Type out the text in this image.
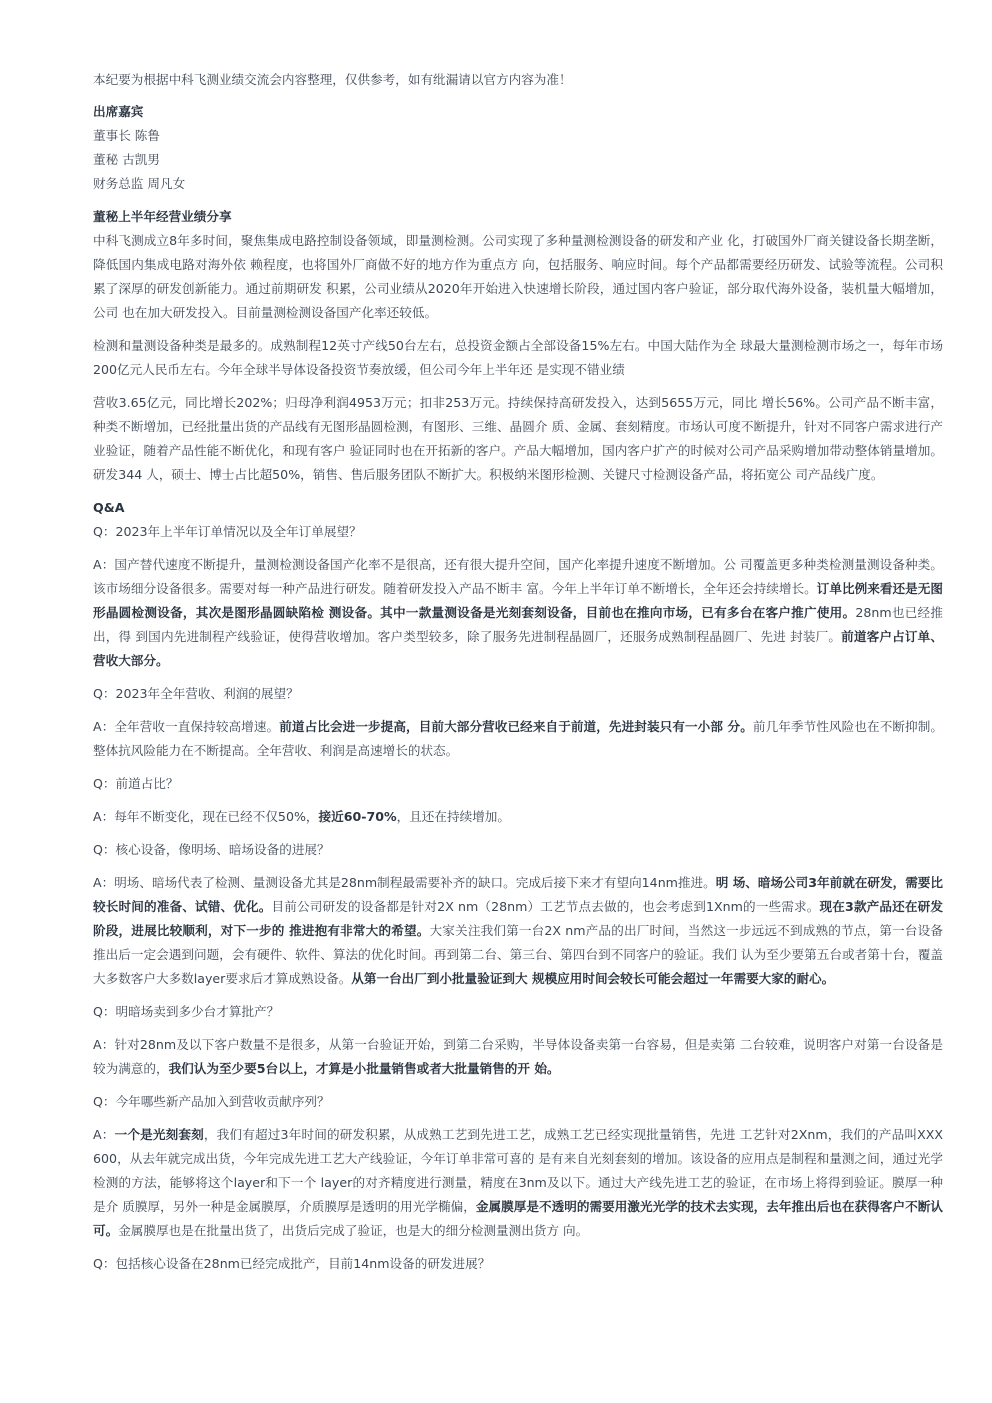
本纪要为根据中科飞测业绩交流会内容整理，仅供参考，如有纰漏请以官方内容为准！

出席嘉宾

董事长 陈鲁

董秘 古凯男

财务总监 周凡女

董秘上半年经营业绩分享

中科飞测成立8年多时间，聚焦集成电路控制设备领域，即量测检测。公司实现了多种量测检测设备的研发和产业 化，打破国外厂商关键设备长期垄断，降低国内集成电路对海外依 赖程度，也将国外厂商做不好的地方作为重点方 向，包括服务、响应时间。每个产品都需要经历研发、试验等流程。公司积累了深厚的研发创新能力。通过前期研发 积累，公司业绩从2020年开始进入快速增长阶段，通过国内客户验证，部分取代海外设备，装机量大幅增加，公司 也在加大研发投入。目前量测检测设备国产化率还较低。

检测和量测设备种类是最多的。成熟制程12英寸产线50台左右，总投资金额占全部设备15%左右。中国大陆作为全 球最大量测检测市场之一，每年市场200亿元人民币左右。今年全球半导体设备投资节奏放缓，但公司今年上半年还 是实现不错业绩

营收3.65亿元，同比增长202%；归母净利润4953万元；扣非253万元。持续保持高研发投入，达到5655万元，同比 增长56%。公司产品不断丰富，种类不断增加，已经批量出货的产品线有无图形晶圆检测，有图形、三维、晶圆介 质、金属、套刻精度。市场认可度不断提升，针对不同客户需求进行产业验证，随着产品性能不断优化，和现有客户 验证同时也在开拓新的客户。产品大幅增加，国内客户扩产的时候对公司产品采购增加带动整体销量增加。研发344 人，硕士、博士占比超50%，销售、售后服务团队不断扩大。积极纳米图形检测、关键尺寸检测设备产品，将拓宽公 司产品线广度。

Q&A

Q：2023年上半年订单情况以及全年订单展望？

A：国产替代速度不断提升，量测检测设备国产化率不是很高，还有很大提升空间，国产化率提升速度不断增加。公 司覆盖更多种类检测量测设备种类。该市场细分设备很多。需要对每一种产品进行研发。随着研发投入产品不断丰 富。今年上半年订单不断增长，全年还会持续增长。订单比例来看还是无图形晶圆检测设备，其次是图形晶圆缺陷检 测设备。其中一款量测设备是光刻套刻设备，目前也在推向市场，已有多台在客户推广使用。28nm也已经推出，得 到国内先进制程产线验证，使得营收增加。客户类型较多，除了服务先进制程晶圆厂，还服务成熟制程晶圆厂、先进 封装厂。前道客户占订单、营收大部分。

Q：2023年全年营收、利润的展望？

A：全年营收一直保持较高增速。前道占比会进一步提高，目前大部分营收已经来自于前道，先进封装只有一小部 分。前几年季节性风险也在不断抑制。整体抗风险能力在不断提高。全年营收、利润是高速增长的状态。

Q：前道占比？

A：每年不断变化，现在已经不仅50%，接近60-70%，且还在持续增加。

Q：核心设备，像明场、暗场设备的进展？

A：明场、暗场代表了检测、量测设备尤其是28nm制程最需要补齐的缺口。完成后接下来才有望向14nm推进。明 场、暗场公司3年前就在研发，需要比较长时间的准备、试错、优化。目前公司研发的设备都是针对2X nm（28nm）工艺节点去做的，也会考虑到1Xnm的一些需求。现在3款产品还在研发阶段，进展比较顺利，对下一步的 推进抱有非常大的希望。大家关注我们第一台2X nm产品的出厂时间，当然这一步远远不到成熟的节点，第一台设备 推出后一定会遇到问题，会有硬件、软件、算法的优化时间。再到第二台、第三台、第四台到不同客户的验证。我们 认为至少要第五台或者第十台，覆盖大多数客户大多数layer要求后才算成熟设备。从第一台出厂到小批量验证到大 规模应用时间会较长可能会超过一年需要大家的耐心。

Q：明暗场卖到多少台才算批产？

A：针对28nm及以下客户数量不是很多，从第一台验证开始，到第二台采购，半导体设备卖第一台容易，但是卖第 二台较难，说明客户对第一台设备是较为满意的，我们认为至少要5台以上，才算是小批量销售或者大批量销售的开 始。

Q：今年哪些新产品加入到营收贡献序列？

A：一个是光刻套刻，我们有超过3年时间的研发积累，从成熟工艺到先进工艺，成熟工艺已经实现批量销售，先进 工艺针对2Xnm，我们的产品叫XXX 600，从去年就完成出货，今年完成先进工艺大产线验证，今年订单非常可喜的 是有来自光刻套刻的增加。该设备的应用点是制程和量测之间，通过光学检测的方法，能够将这个layer和下一个 layer的对齐精度进行测量，精度在3nm及以下。通过大产线先进工艺的验证，在市场上将得到验证。膜厚一种是介 质膜厚，另外一种是金属膜厚，介质膜厚是透明的用光学椭偏，金属膜厚是不透明的需要用激光光学的技术去实现，去年推出后也在获得客户不断认可。金属膜厚也是在批量出货了，出货后完成了验证，也是大的细分检测量测出货方 向。

Q：包括核心设备在28nm已经完成批产，目前14nm设备的研发进展？
